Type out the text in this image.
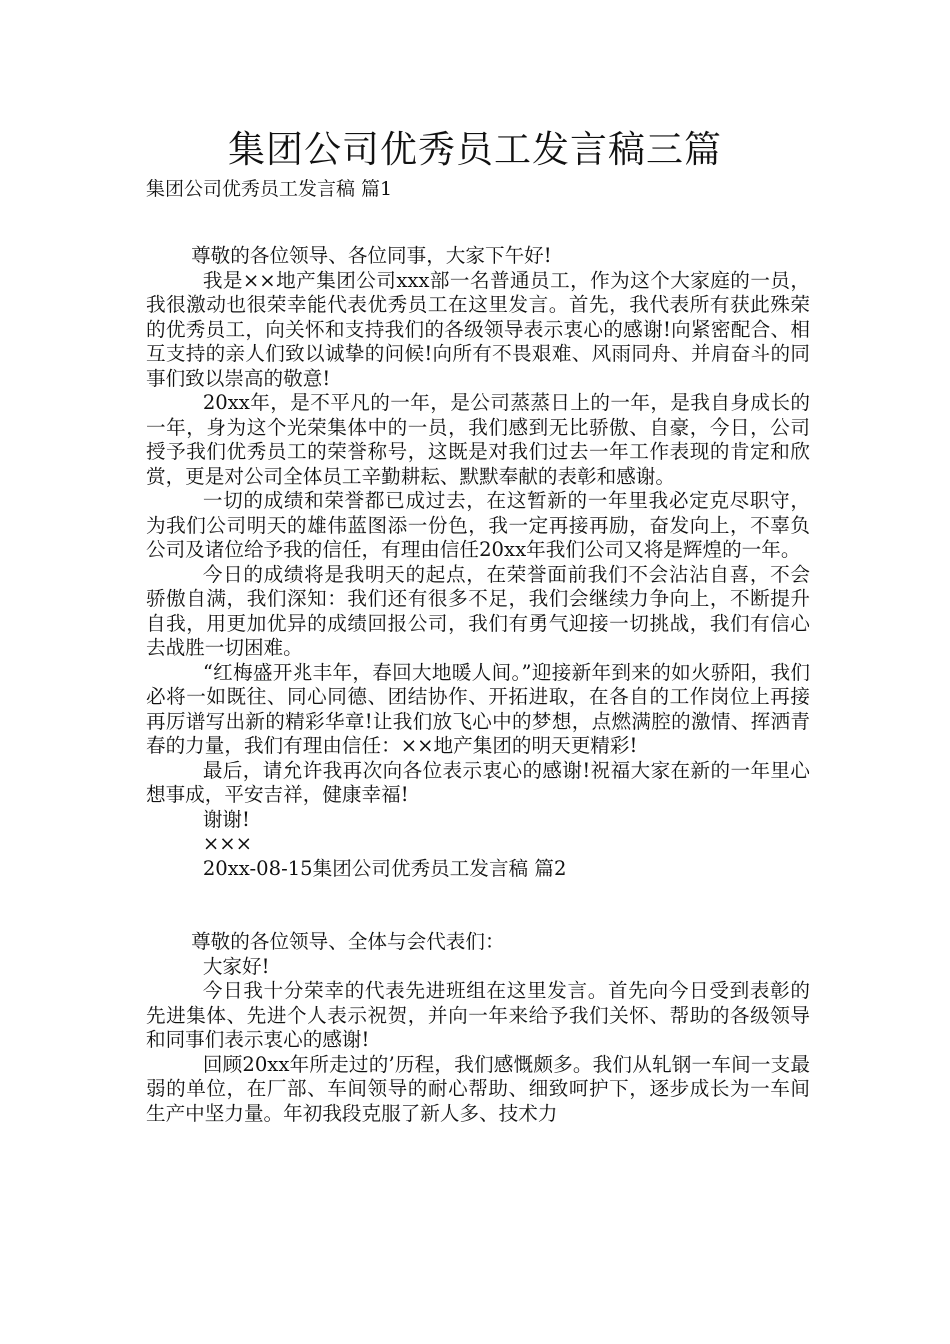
集团公司优秀员工发言稿三篇
集团公司优秀员工发言稿 篇1

尊敬的各位领导、各位同事，大家下午好!

我是××地产集团公司xxx部一名普通员工，作为这个大家庭的一员，我很激动也很荣幸能代表优秀员工在这里发言。首先，我代表所有获此殊荣的优秀员工，向关怀和支持我们的各级领导表示衷心的感谢!向紧密配合、相互支持的亲人们致以诚挚的问候!向所有不畏艰难、风雨同舟、并肩奋斗的同事们致以崇高的敬意!

20xx年，是不平凡的一年，是公司蒸蒸日上的一年，是我自身成长的一年，身为这个光荣集体中的一员，我们感到无比骄傲、自豪，今日，公司授予我们优秀员工的荣誉称号，这既是对我们过去一年工作表现的肯定和欣赏，更是对公司全体员工辛勤耕耘、默默奉献的表彰和感谢。

一切的成绩和荣誉都已成过去，在这暂新的一年里我必定克尽职守，为我们公司明天的雄伟蓝图添一份色，我一定再接再励，奋发向上，不辜负公司及诸位给予我的信任，有理由信任20xx年我们公司又将是辉煌的一年。

今日的成绩将是我明天的起点，在荣誉面前我们不会沾沾自喜，不会骄傲自满，我们深知：我们还有很多不足，我们会继续力争向上，不断提升自我，用更加优异的成绩回报公司，我们有勇气迎接一切挑战，我们有信心去战胜一切困难。

“红梅盛开兆丰年，春回大地暖人间。”迎接新年到来的如火骄阳，我们必将一如既往、同心同德、团结协作、开拓进取，在各自的工作岗位上再接再厉谱写出新的精彩华章!让我们放飞心中的梦想，点燃满腔的激情、挥洒青春的力量，我们有理由信任：××地产集团的明天更精彩!

最后，请允许我再次向各位表示衷心的感谢!祝福大家在新的一年里心想事成，平安吉祥，健康幸福!

谢谢!

×××

20xx-08-15集团公司优秀员工发言稿 篇2

尊敬的各位领导、全体与会代表们：

大家好!

今日我十分荣幸的代表先进班组在这里发言。首先向今日受到表彰的先进集体、先进个人表示祝贺，并向一年来给予我们关怀、帮助的各级领导和同事们表示衷心的感谢!

回顾20xx年所走过的’历程，我们感慨颇多。我们从轧钢一车间一支最弱的单位，在厂部、车间领导的耐心帮助、细致呵护下，逐步成长为一车间生产中坚力量。年初我段克服了新人多、技术力
